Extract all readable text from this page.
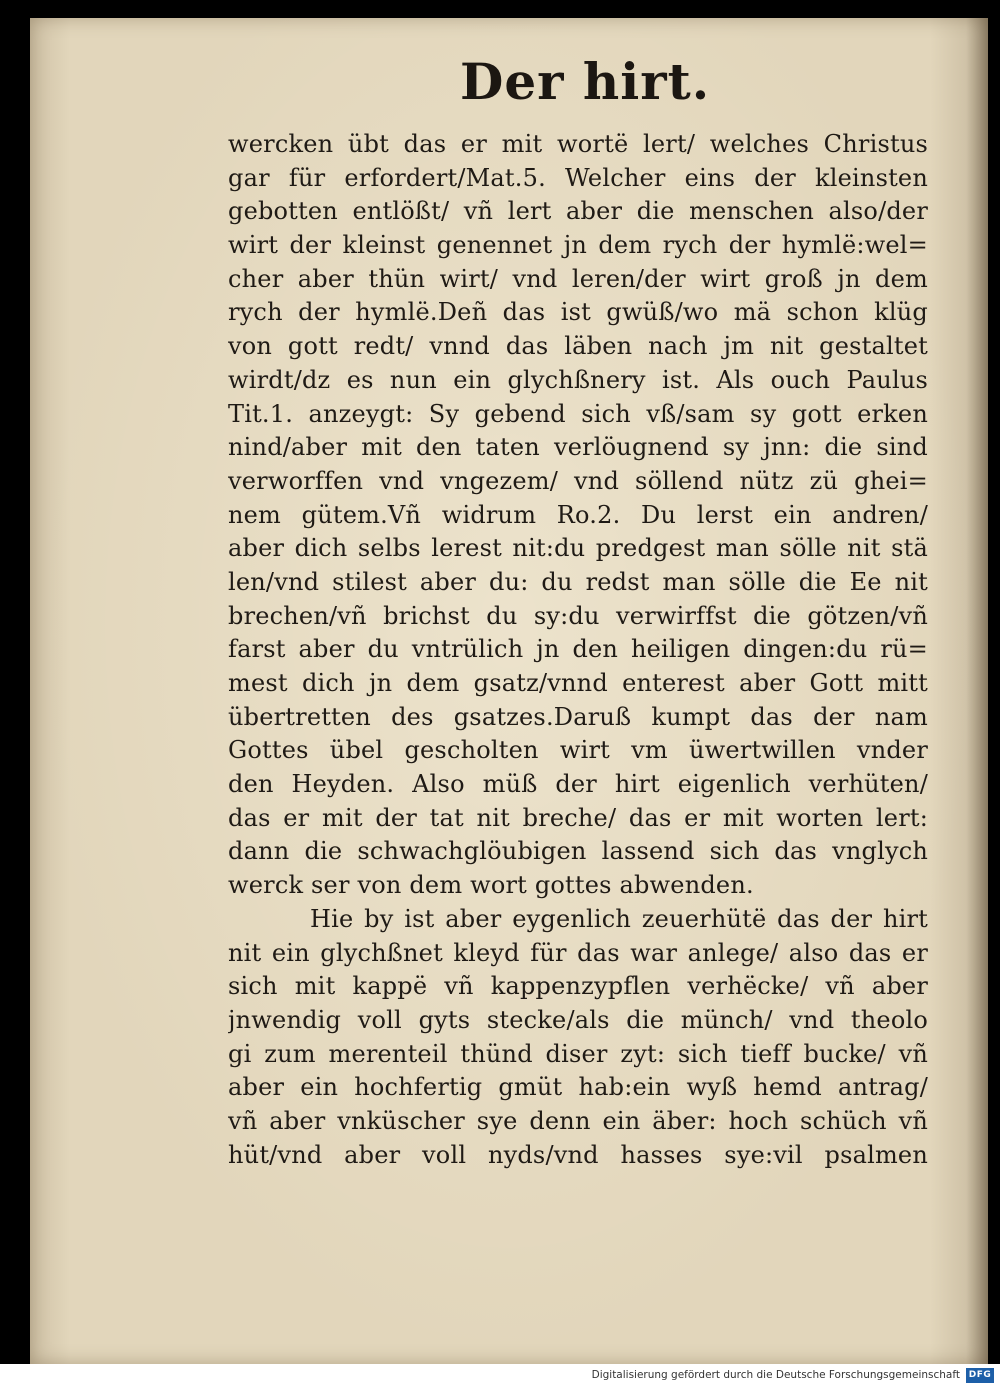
Der hirt.
wercken übt das er mit wortë lert/ welches Christus
gar für erfordert/Mat.5. Welcher eins der kleinsten
gebotten entlößt/ vñ lert aber die menschen also/der
wirt der kleinst genennet jn dem rych der hymlë:wel=
cher aber thün wirt/ vnd leren/der wirt groß jn dem
rych der hymlë.Deñ das ist gwüß/wo mä schon klüg
von gott redt/ vnnd das läben nach jm nit gestaltet
wirdt/dz es nun ein glychßnery ist. Als ouch Paulus
Tit.1. anzeygt: Sy gebend sich vß/sam sy gott erken
nind/aber mit den taten verlöugnend sy jnn: die sind
verworffen vnd vngezem/ vnd söllend nütz zü ghei=
nem gütem.Vñ widrum Ro.2. Du lerst ein andren/
aber dich selbs lerest nit:du predgest man sölle nit stä
len/vnd stilest aber du: du redst man sölle die Ee nit
brechen/vñ brichst du sy:du verwirffst die götzen/vñ
farst aber du vntrülich jn den heiligen dingen:du rü=
mest dich jn dem gsatz/vnnd enterest aber Gott mitt
übertretten des gsatzes.Daruß kumpt das der nam
Gottes übel gescholten wirt vm üwertwillen vnder
den Heyden. Also müß der hirt eigenlich verhüten/
das er mit der tat nit breche/ das er mit worten lert:
dann die schwachglöubigen lassend sich das vnglych
werck ser von dem wort gottes abwenden.
Hie by ist aber eygenlich zeuerhütë das der hirt
nit ein glychßnet kleyd für das war anlege/ also das er
sich mit kappë vñ kappenzypflen verhëcke/ vñ aber
jnwendig voll gyts stecke/als die münch/ vnd theolo
gi zum merenteil thünd diser zyt: sich tieff bucke/ vñ
aber ein hochfertig gmüt hab:ein wyß hemd antrag/
vñ aber vnküscher sye denn ein äber: hoch schüch vñ
hüt/vnd aber voll nyds/vnd hasses sye:vil psalmen
Digitalisierung gefördert durch die Deutsche Forschungsgemeinschaft DFG
